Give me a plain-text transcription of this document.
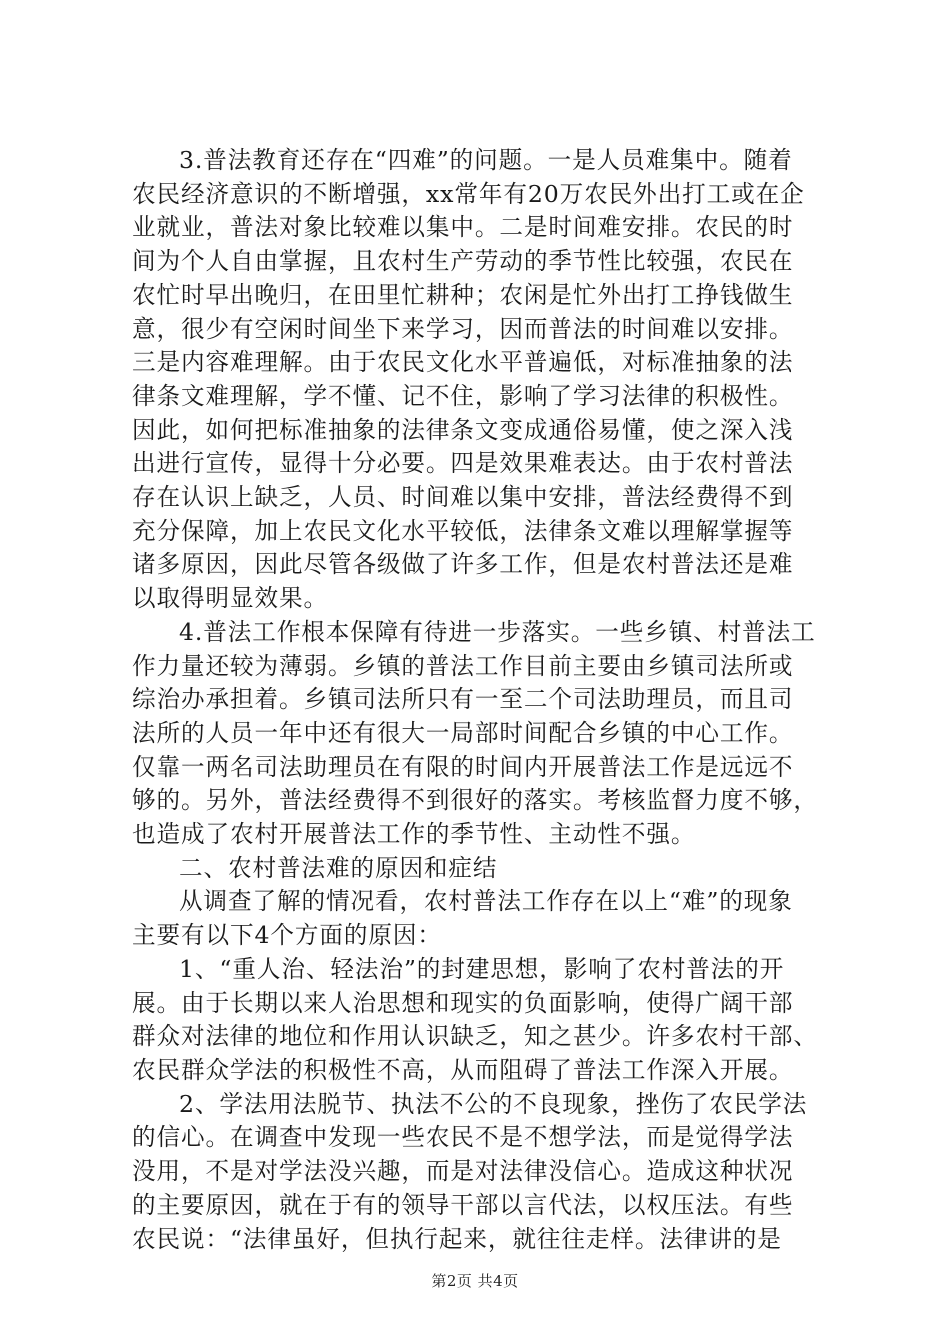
3.普法教育还存在“四难”的问题。一是人员难集中。随着
农民经济意识的不断增强，xx常年有20万农民外出打工或在企
业就业，普法对象比较难以集中。二是时间难安排。农民的时
间为个人自由掌握，且农村生产劳动的季节性比较强，农民在
农忙时早出晚归，在田里忙耕种；农闲是忙外出打工挣钱做生
意，很少有空闲时间坐下来学习，因而普法的时间难以安排。
三是内容难理解。由于农民文化水平普遍低，对标准抽象的法
律条文难理解，学不懂、记不住，影响了学习法律的积极性。
因此，如何把标准抽象的法律条文变成通俗易懂，使之深入浅
出进行宣传，显得十分必要。四是效果难表达。由于农村普法
存在认识上缺乏，人员、时间难以集中安排，普法经费得不到
充分保障，加上农民文化水平较低，法律条文难以理解掌握等
诸多原因，因此尽管各级做了许多工作，但是农村普法还是难
以取得明显效果。

4.普法工作根本保障有待进一步落实。一些乡镇、村普法工
作力量还较为薄弱。乡镇的普法工作目前主要由乡镇司法所或
综治办承担着。乡镇司法所只有一至二个司法助理员，而且司
法所的人员一年中还有很大一局部时间配合乡镇的中心工作。
仅靠一两名司法助理员在有限的时间内开展普法工作是远远不
够的。另外，普法经费得不到很好的落实。考核监督力度不够，
也造成了农村开展普法工作的季节性、主动性不强。

二、农村普法难的原因和症结

从调查了解的情况看，农村普法工作存在以上“难”的现象
主要有以下4个方面的原因：

1、“重人治、轻法治”的封建思想，影响了农村普法的开
展。由于长期以来人治思想和现实的负面影响，使得广阔干部
群众对法律的地位和作用认识缺乏，知之甚少。许多农村干部、
农民群众学法的积极性不高，从而阻碍了普法工作深入开展。

2、学法用法脱节、执法不公的不良现象，挫伤了农民学法
的信心。在调查中发现一些农民不是不想学法，而是觉得学法
没用，不是对学法没兴趣，而是对法律没信心。造成这种状况
的主要原因，就在于有的领导干部以言代法，以权压法。有些
农民说：“法律虽好，但执行起来，就往往走样。法律讲的是

第2页 共4页
